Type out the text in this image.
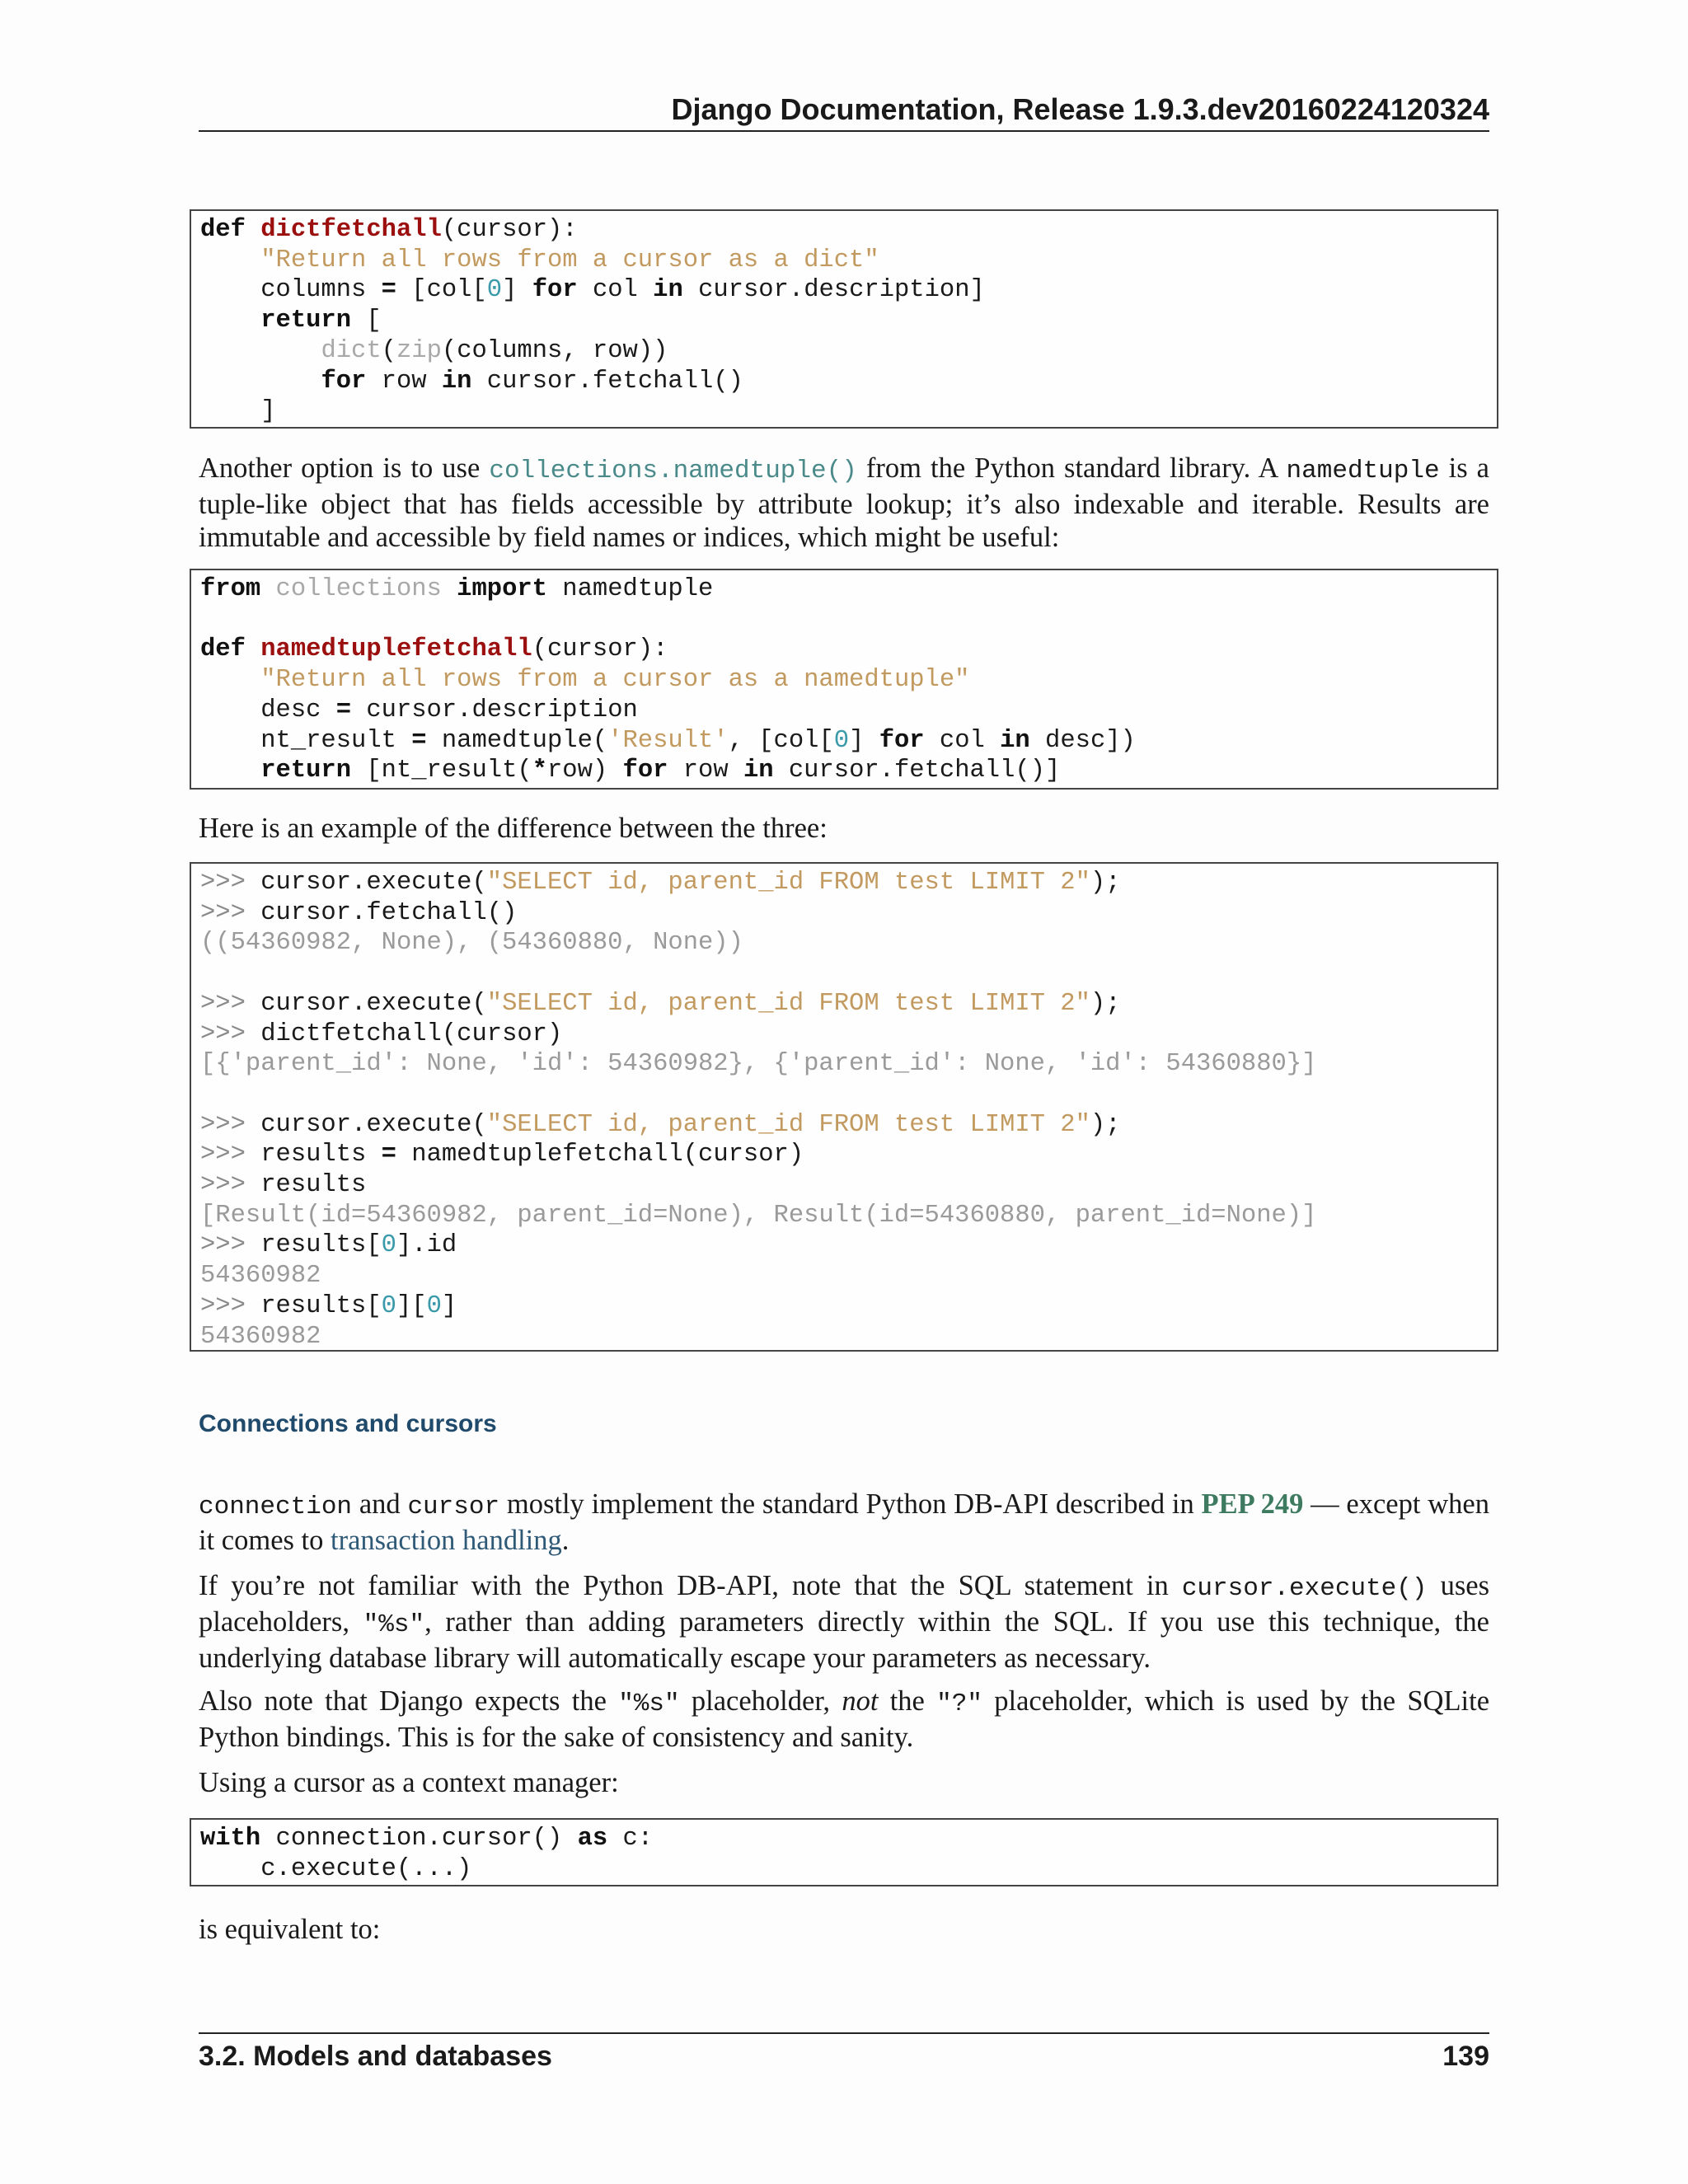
Django Documentation, Release 1.9.3.dev20160224120324
def dictfetchall(cursor):
"Return all rows from a cursor as a dict"
columns = [col[0] for col in cursor.description]
return [
dict(zip(columns, row))
for row in cursor.fetchall()
]

Another option is to use collections.namedtuple() from the Python standard library. A namedtuple is a tuple-like object that has fields accessible by attribute lookup; it’s also indexable and iterable. Results are immutable and accessible by field names or indices, which might be useful:

from collections import namedtuple

def namedtuplefetchall(cursor):
"Return all rows from a cursor as a namedtuple"
desc = cursor.description
nt_result = namedtuple('Result', [col[0] for col in desc])
return [nt_result(*row) for row in cursor.fetchall()]

Here is an example of the difference between the three:

>>> cursor.execute("SELECT id, parent_id FROM test LIMIT 2");
>>> cursor.fetchall()
((54360982, None), (54360880, None))

>>> cursor.execute("SELECT id, parent_id FROM test LIMIT 2");
>>> dictfetchall(cursor)
[{'parent_id': None, 'id': 54360982}, {'parent_id': None, 'id': 54360880}]

>>> cursor.execute("SELECT id, parent_id FROM test LIMIT 2");
>>> results = namedtuplefetchall(cursor)
>>> results
[Result(id=54360982, parent_id=None), Result(id=54360880, parent_id=None)]
>>> results[0].id
54360982
>>> results[0][0]
54360982
Connections and cursors

connection and cursor mostly implement the standard Python DB-API described in PEP 249 — except when it comes to transaction handling.

If you’re not familiar with the Python DB-API, note that the SQL statement in cursor.execute() uses placeholders, "%s", rather than adding parameters directly within the SQL. If you use this technique, the underlying database library will automatically escape your parameters as necessary.

Also note that Django expects the "%s" placeholder, not the "?" placeholder, which is used by the SQLite Python bindings. This is for the sake of consistency and sanity.

Using a cursor as a context manager:

with connection.cursor() as c:
c.execute(...)

is equivalent to:

3.2. Models and databases	139
